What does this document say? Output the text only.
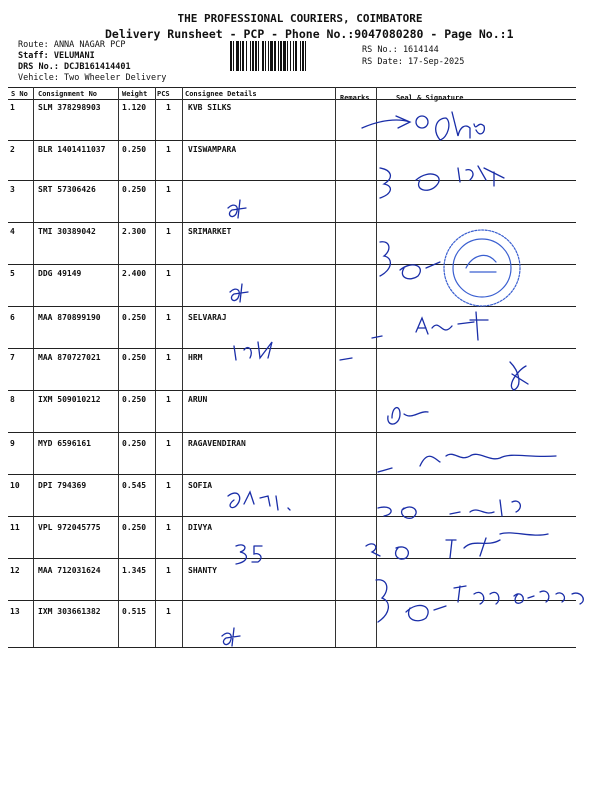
THE PROFESSIONAL COURIERS, COIMBATORE
Delivery Runsheet - PCP - Phone No.:9047080280 - Page No.:1
Route: ANNA NAGAR PCP
Staff: VELUMANI
DRS No.: DCJB161414401
Vehicle: Two Wheeler Delivery
RS No.: 1614144
RS Date: 17-Sep-2025
S No Consignment No	Weight PCS Consignee Details	Remarks	Seal & Signature
1	SLM 378298903	1.120 1 KVB SILKS
2	BLR 1401411037 0.250 1 VISWAMPARA
3	SRT 57306426	0.250 1
4	TMI 30389042	2.300 1 SRIMARKET
5	DDG 49149	2.400 1
6	MAA 870899190	0.250 1 SELVARAJ
7	MAA 870727021	0.250 1 HRM
8	IXM 509010212	0.250 1 ARUN
9	MYD 6596161	0.250 1 RAGAVENDIRAN
10 DPI 794369	0.545 1 SOFIA
11 VPL 972045775	0.250 1 DIVYA
12 MAA 712031624	1.345 1 SHANTY
13 IXM 303661382	0.515 1
